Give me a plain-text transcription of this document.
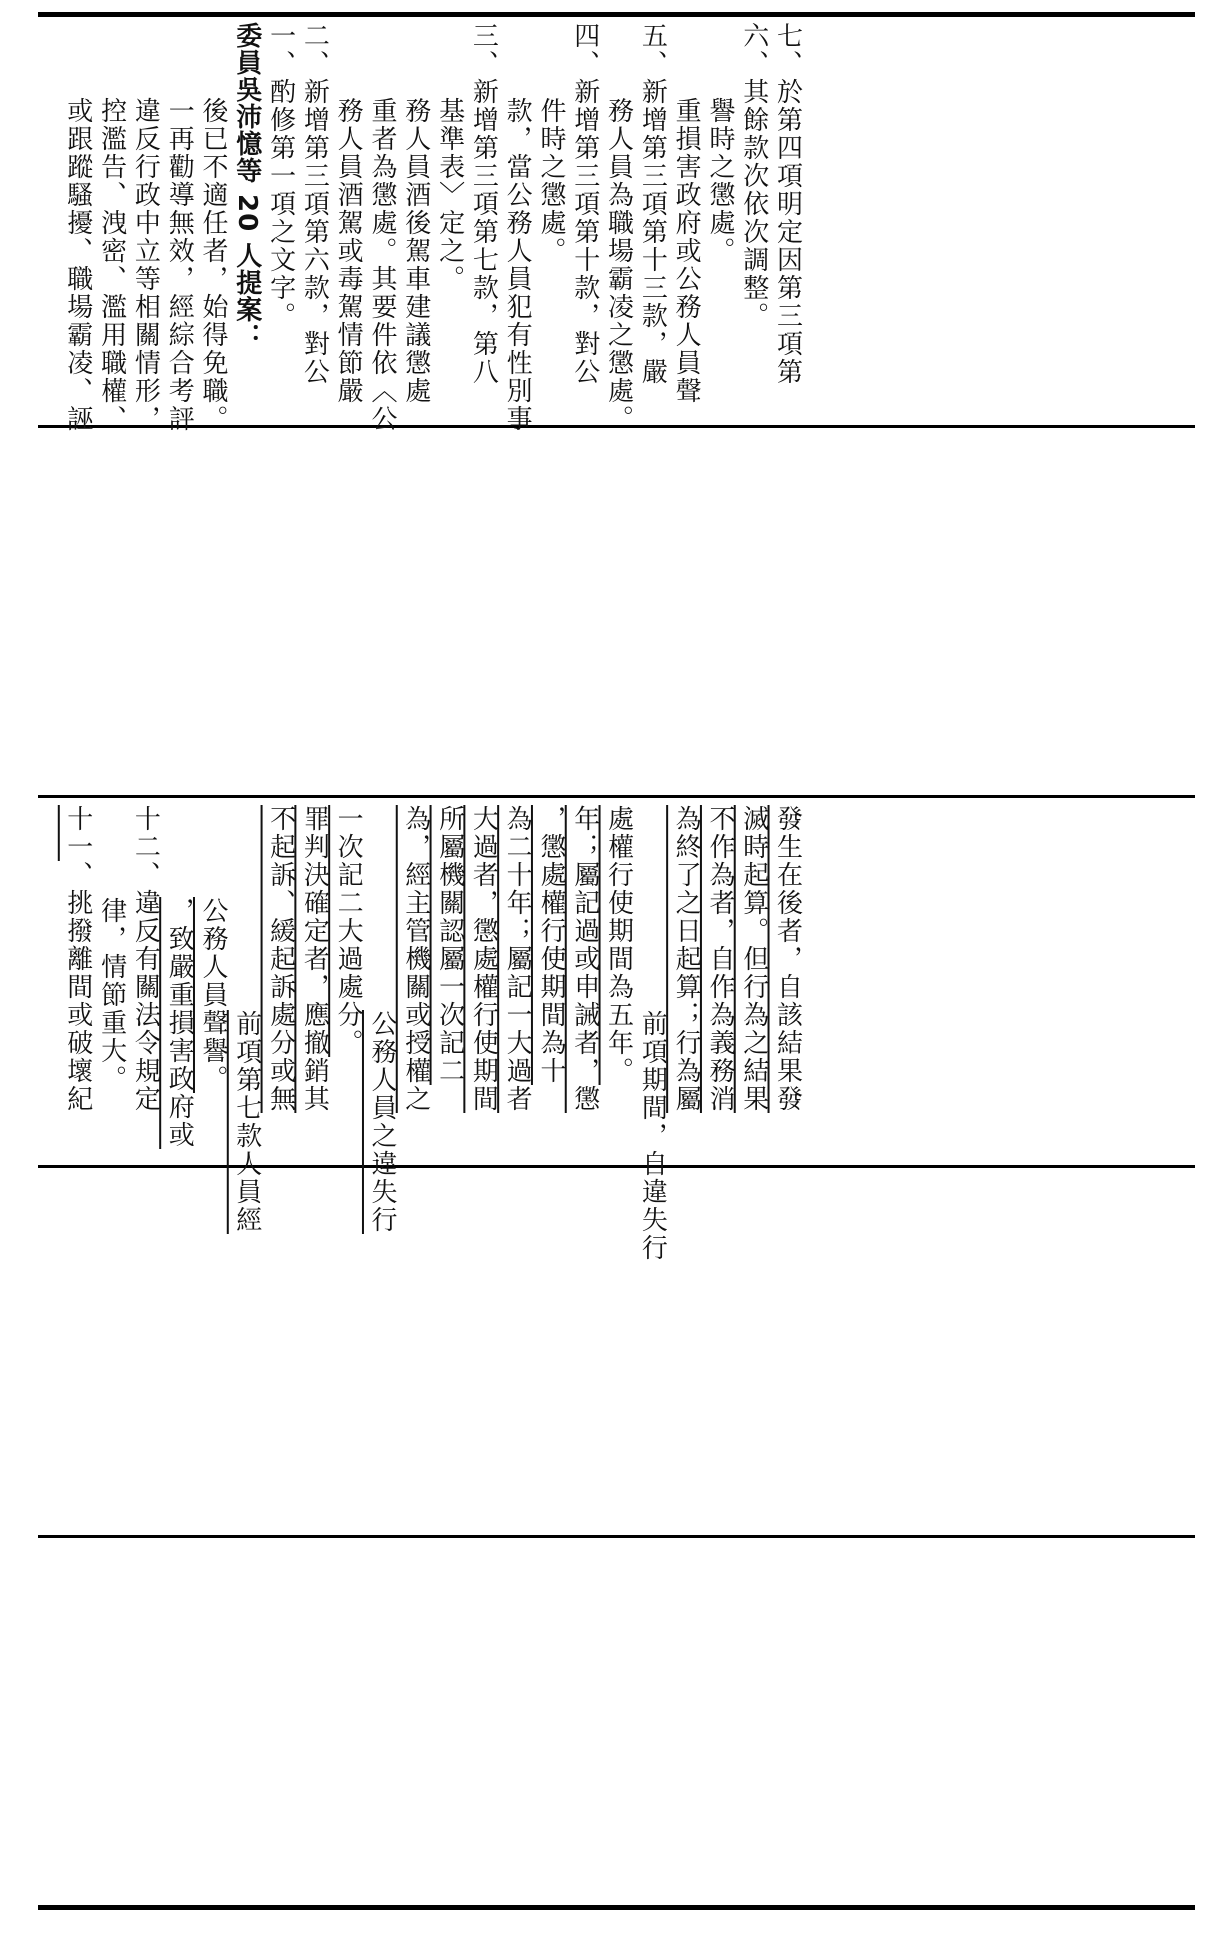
或跟蹤騷擾、職場霸凌、誣 控濫告、洩密、濫用職權、 違反行政中立等相關情形， 一再勸導無效，經綜合考評 後已不適任者，始得免職。 委員吳沛憶等 20 人提案： 一、酌修第一項之文字。 二、新增第三項第六款，對公 務人員酒駕或毒駕情節嚴 重者為懲處。其要件依〈公 務人員酒後駕車建議懲處 基準表〉定之。 三、新增第三項第七款，第八 款，當公務人員犯有性別事 件時之懲處。 四、新增第三項第十款，對公 務人員為職場霸凌之懲處。 五、新增第三項第十三款，嚴 重損害政府或公務人員聲 譽時之懲處。 六、其餘款次依次調整。 七、於第四項明定因第三項第
十一、挑撥離間或破壞紀 律，情節重大。 十二、違反有關法令規定 ，致嚴重損害政府或 公務人員聲譽。
前項第七款人員經
不起訴、緩起訴處分或無 罪判決確定者，應撤銷其 一次記二大過處分。
公務人員之違失行
為，經主管機關或授權之 所屬機關認屬一次記二 大過者，懲處權行使期間 為二十年；屬記一大過者 ，懲處權行使期間為十 年；屬記過或申誡者，懲 處權行使期間為五年。
前項期間，自違失行
為終了之日起算；行為屬 不作為者，自作為義務消 滅時起算。但行為之結果 發生在後者，自該結果發
